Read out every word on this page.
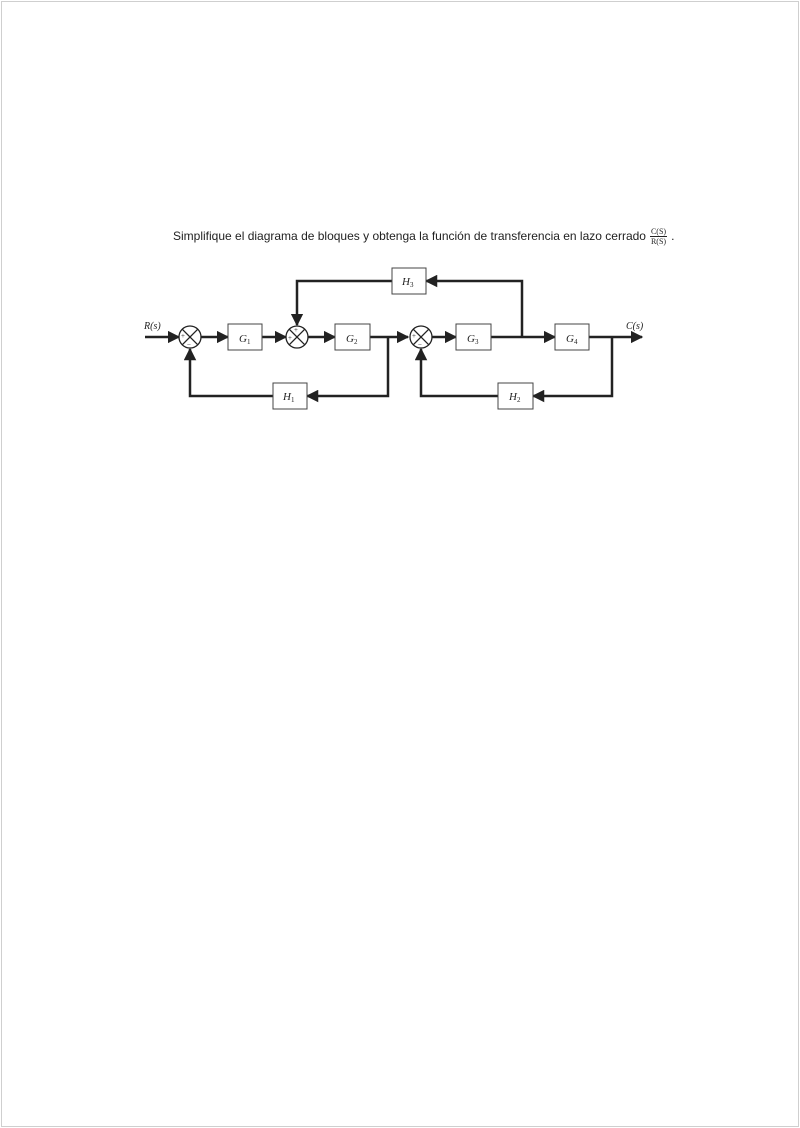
Simplifique el diagrama de bloques y obtenga la función de transferencia en lazo cerrado $\frac{C(S)}{R(S)}$ .
G1	G2	G3	G4
H1	H2
H3
R(s)	C(s)
+
−
+
+	+
−
